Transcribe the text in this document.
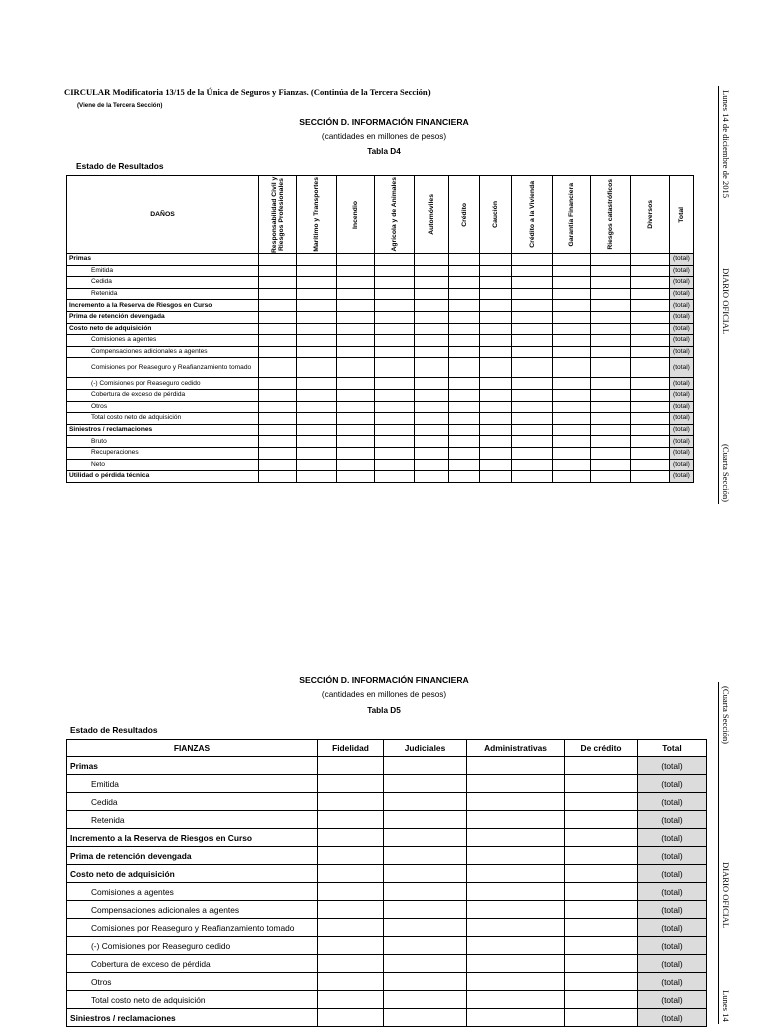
CIRCULAR Modificatoria 13/15 de la Única de Seguros y Fianzas. (Continúa de la Tercera Sección)
(Viene de la Tercera Sección)	Lunes 14 de diciembre de 2015
DIARIO OFICIAL
(Cuarta Sección)
(Cuarta Sección)
DIARIO OFICIAL
Lunes 14
SECCIÓN D. INFORMACIÓN FINANCIERA
(cantidades en millones de pesos)
Tabla D4
Estado de Resultados
DAÑOS	Responsabilidad Civil y Riesgos Profesionales	Marítimo y Transportes	Incendio	Agrícola y de Animales	Automóviles	Crédito	Caución	Crédito a la Vivienda	Garantía Financiera	Riesgos catastróficos	Diversos	Total

Primas												(total)
Emitida												(total)
Cedida												(total)
Retenida												(total)
Incremento a la Reserva de Riesgos en Curso												(total)
Prima de retención devengada												(total)
Costo neto de adquisición												(total)
Comisiones a agentes												(total)
Compensaciones adicionales a agentes												(total)
Comisiones por Reaseguro y Reafianzamiento tomado												(total)
(-) Comisiones por Reaseguro cedido												(total)
Cobertura de exceso de pérdida												(total)
Otros												(total)
Total costo neto de adquisición												(total)
Siniestros / reclamaciones												(total)
Bruto												(total)
Recuperaciones												(total)
Neto												(total)
Utilidad o pérdida técnica												(total)
SECCIÓN D. INFORMACIÓN FINANCIERA
(cantidades en millones de pesos)
Tabla D5
Estado de Resultados
FIANZAS	Fidelidad	Judiciales	Administrativas	De crédito	Total
Primas					(total)
Emitida					(total)
Cedida					(total)
Retenida					(total)
Incremento a la Reserva de Riesgos en Curso					(total)
Prima de retención devengada					(total)
Costo neto de adquisición					(total)
Comisiones a agentes					(total)
Compensaciones adicionales a agentes					(total)
Comisiones por Reaseguro y Reafianzamiento tomado					(total)
(-) Comisiones por Reaseguro cedido					(total)
Cobertura de exceso de pérdida					(total)
Otros					(total)
Total costo neto de adquisición					(total)
Siniestros / reclamaciones					(total)
